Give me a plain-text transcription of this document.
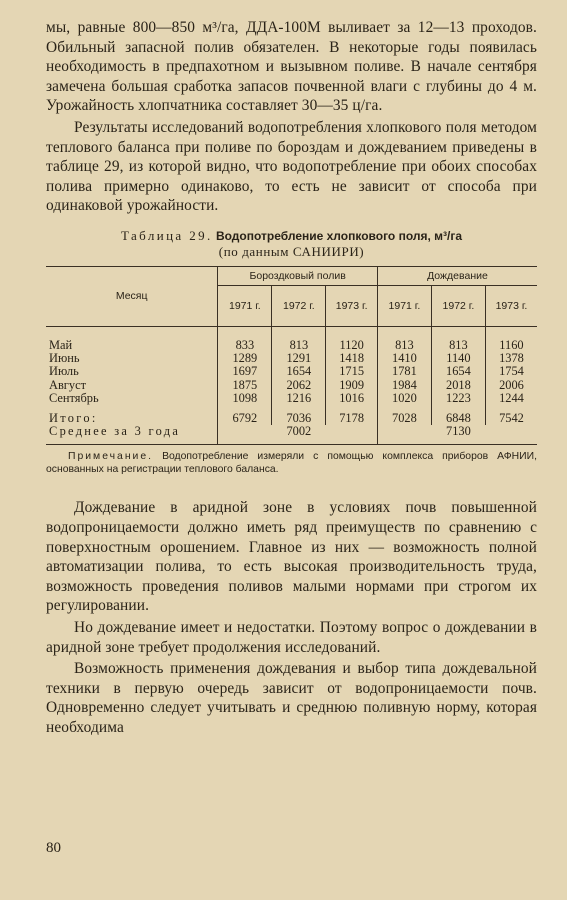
мы, равные 800—850 м³/га, ДДА-100М выливает за 12—13 проходов. Обильный запасной полив обязателен. В некоторые годы появилась необходимость в предпахотном и вызывном поливе. В начале сентября замечена большая сработка запасов почвенной влаги с глубины до 4 м. Урожайность хлопчатника составляет 30—35 ц/га.

Результаты исследований водопотребления хлопкового поля методом теплового баланса при поливе по бороздам и дождеванием приведены в таблице 29, из которой видно, что водопотребление при обоих способах полива примерно одинаково, то есть не зависит от способа при одинаковой урожайности.

Таблица 29. Водопотребление хлопкового поля, м³/га
(по данным САНИИРИ)
Месяц	Бороздковый полив			Дождевание		
	1971 г.	1972 г.	1973 г.	1971 г.	1972 г.	1973 г.

Май	833	813	1120	813	813	1160
Июнь	1289	1291	1418	1410	1140	1378
Июль	1697	1654	1715	1781	1654	1754
Август	1875	2062	1909	1984	2018	2006
Сентябрь	1098	1216	1016	1020	1223	1244

Итого:	6792	7036	7178	7028	6848	7542
Среднее за 3 года		7002			7130	

Примечание. Водопотребление измеряли с помощью комплекса приборов АФНИИ, основанных на регистрации теплового баланса.

Дождевание в аридной зоне в условиях почв повышенной водопроницаемости должно иметь ряд преимуществ по сравнению с поверхностным орошением. Главное из них — возможность полной автоматизации полива, то есть высокая производительность труда, возможность проведения поливов малыми нормами при строгом их регулировании.

Но дождевание имеет и недостатки. Поэтому вопрос о дождевании в аридной зоне требует продолжения исследований.

Возможность применения дождевания и выбор типа дождевальной техники в первую очередь зависит от водопроницаемости почв. Одновременно следует учитывать и среднюю поливную норму, которая необходима

80
